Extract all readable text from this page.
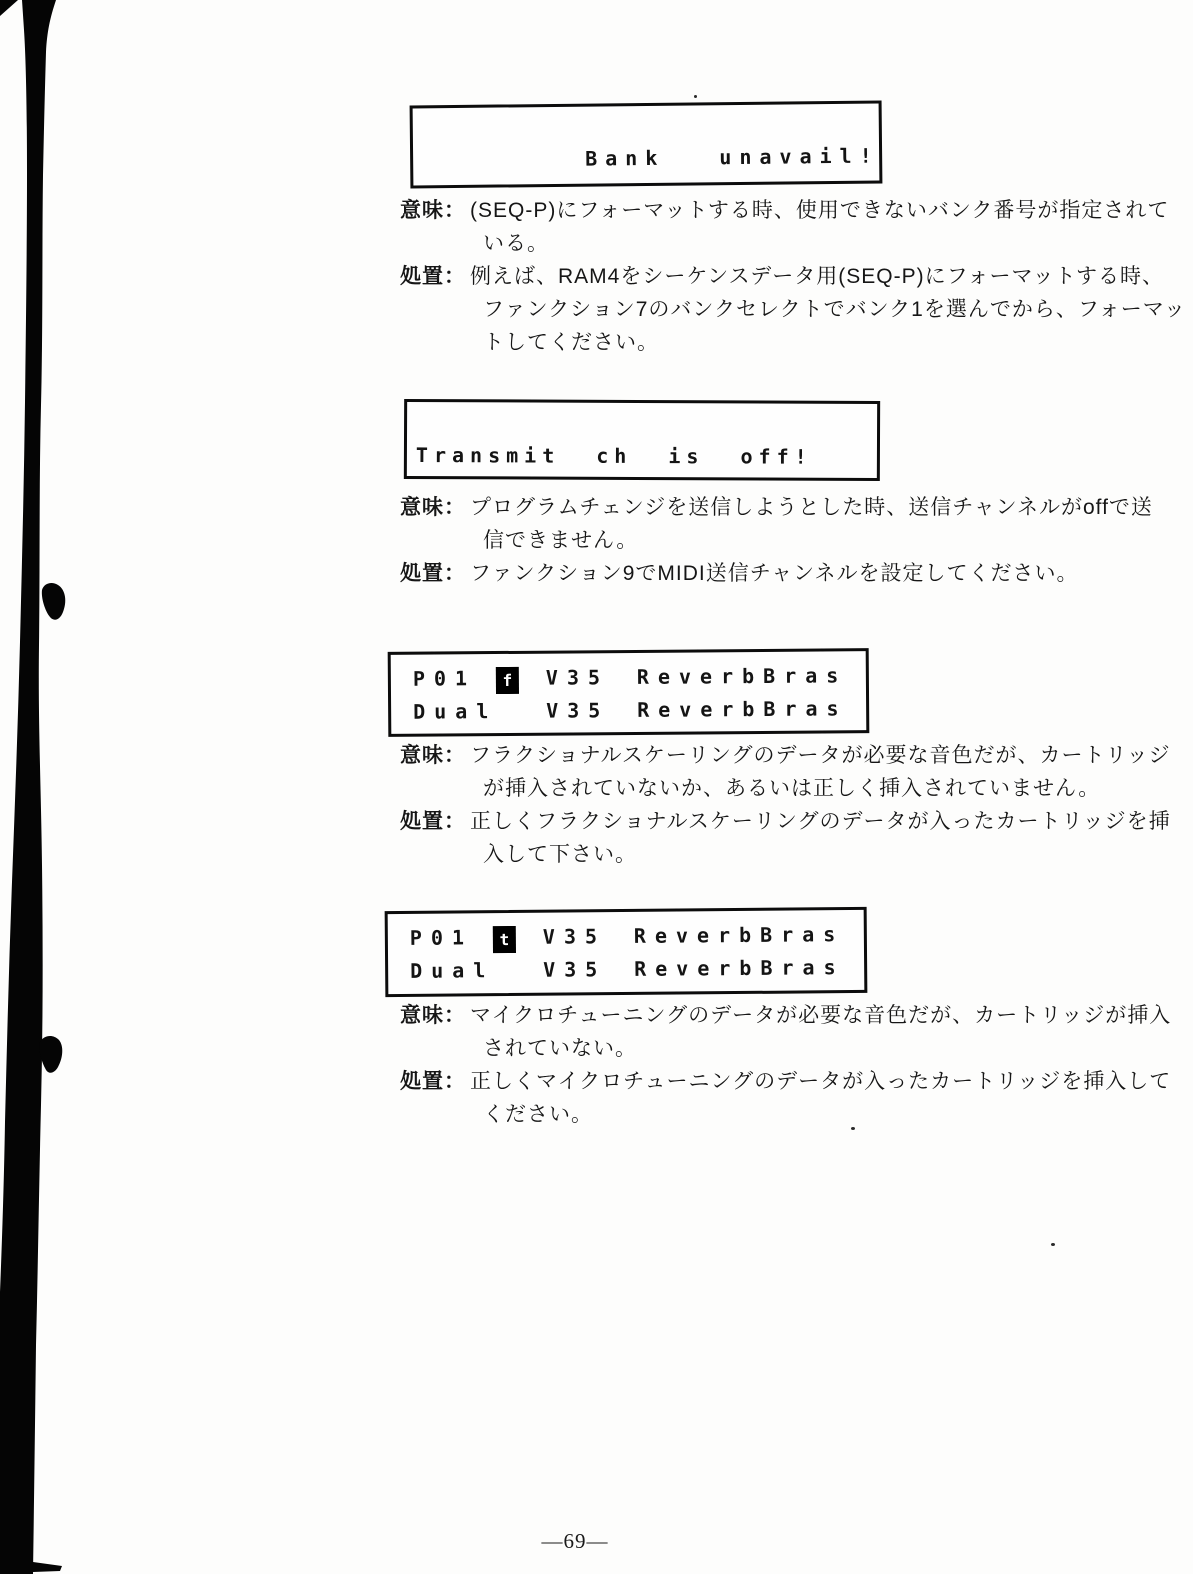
Bank unavail!
意味： (SEQ-P)にフォーマットする時、使用できないバンク番号が指定されて
いる。
処置： 例えば、RAM4をシーケンスデータ用(SEQ-P)にフォーマットする時、
ファンクション7のバンクセレクトでバンク1を選んでから、フォーマッ
トしてください。
Transmit ch is off!
意味： プログラムチェンジを送信しようとした時、送信チャンネルがoffで送
信できません。
処置： ファンクション9でMIDI送信チャンネルを設定してください。
P01	f	V35 ReverbBras
Dual V35 ReverbBras
意味： フラクショナルスケーリングのデータが必要な音色だが、カートリッジ
が挿入されていないか、あるいは正しく挿入されていません。
処置： 正しくフラクショナルスケーリングのデータが入ったカートリッジを挿
入して下さい。
P01	t	V35 ReverbBras
Dual V35 ReverbBras
意味： マイクロチューニングのデータが必要な音色だが、カートリッジが挿入
されていない。
処置： 正しくマイクロチューニングのデータが入ったカートリッジを挿入して
ください。
—69—
